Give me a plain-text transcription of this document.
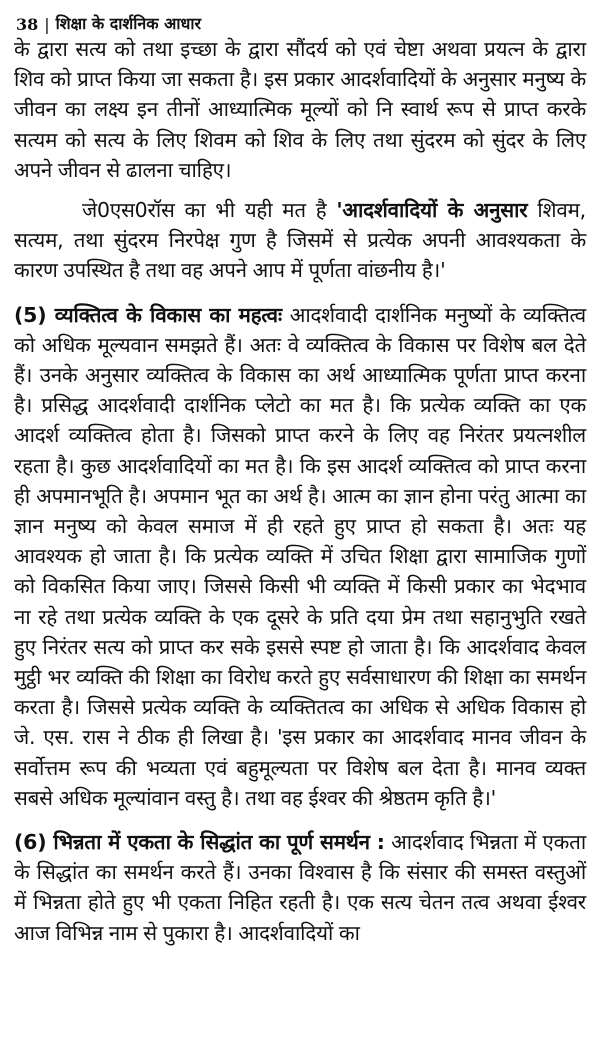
38 | शिक्षा के दार्शनिक आधार

के द्वारा सत्य को तथा इच्छा के द्वारा सौंदर्य को एवं चेष्टा अथवा प्रयत्न के द्वारा शिव को प्राप्त किया जा सकता है। इस प्रकार आदर्शवादियों के अनुसार मनुष्य के जीवन का लक्ष्य इन तीनों आध्यात्मिक मूल्यों को नि स्वार्थ रूप से प्राप्त करके सत्यम को सत्य के लिए शिवम को शिव के लिए तथा सुंदरम को सुंदर के लिए अपने जीवन से ढालना चाहिए।

जे0एस0रॉस का भी यही मत है 'आदर्शवादियों के अनुसार शिवम, सत्यम, तथा सुंदरम निरपेक्ष गुण है जिसमें से प्रत्येक अपनी आवश्यकता के कारण उपस्थित है तथा वह अपने आप में पूर्णता वांछनीय है।'

(5) व्यक्तित्व के विकास का महत्वः आदर्शवादी दार्शनिक मनुष्यों के व्यक्तित्व को अधिक मूल्यवान समझते हैं। अतः वे व्यक्तित्व के विकास पर विशेष बल देते हैं। उनके अनुसार व्यक्तित्व के विकास का अर्थ आध्यात्मिक पूर्णता प्राप्त करना है। प्रसिद्ध आदर्शवादी दार्शनिक प्लेटो का मत है। कि प्रत्येक व्यक्ति का एक आदर्श व्यक्तित्व होता है। जिसको प्राप्त करने के लिए वह निरंतर प्रयत्नशील रहता है। कुछ आदर्शवादियों का मत है। कि इस आदर्श व्यक्तित्व को प्राप्त करना ही अपमानभूति है। अपमान भूत का अर्थ है। आत्म का ज्ञान होना परंतु आत्मा का ज्ञान मनुष्य को केवल समाज में ही रहते हुए प्राप्त हो सकता है। अतः यह आवश्यक हो जाता है। कि प्रत्येक व्यक्ति में उचित शिक्षा द्वारा सामाजिक गुणों को विकसित किया जाए। जिससे किसी भी व्यक्ति में किसी प्रकार का भेदभाव ना रहे तथा प्रत्येक व्यक्ति के एक दूसरे के प्रति दया प्रेम तथा सहानुभुति रखते हुए निरंतर सत्य को प्राप्त कर सके इससे स्पष्ट हो जाता है। कि आदर्शवाद केवल मुट्ठी भर व्यक्ति की शिक्षा का विरोध करते हुए सर्वसाधारण की शिक्षा का समर्थन करता है। जिससे प्रत्येक व्यक्ति के व्यक्तितत्व का अधिक से अधिक विकास हो जे. एस. रास ने ठीक ही लिखा है। 'इस प्रकार का आदर्शवाद मानव जीवन के सर्वोत्तम रूप की भव्यता एवं बहुमूल्यता पर विशेष बल देता है। मानव व्यक्त सबसे अधिक मूल्यांवान वस्तु है। तथा वह ईश्वर की श्रेष्ठतम कृति है।'

(6) भिन्नता में एकता के सिद्धांत का पूर्ण समर्थन : आदर्शवाद भिन्नता में एकता के सिद्धांत का समर्थन करते हैं। उनका विश्वास है कि संसार की समस्त वस्तुओं में भिन्नता होते हुए भी एकता निहित रहती है। एक सत्य चेतन तत्व अथवा ईश्वर आज विभिन्न नाम से पुकारा है। आदर्शवादियों का
